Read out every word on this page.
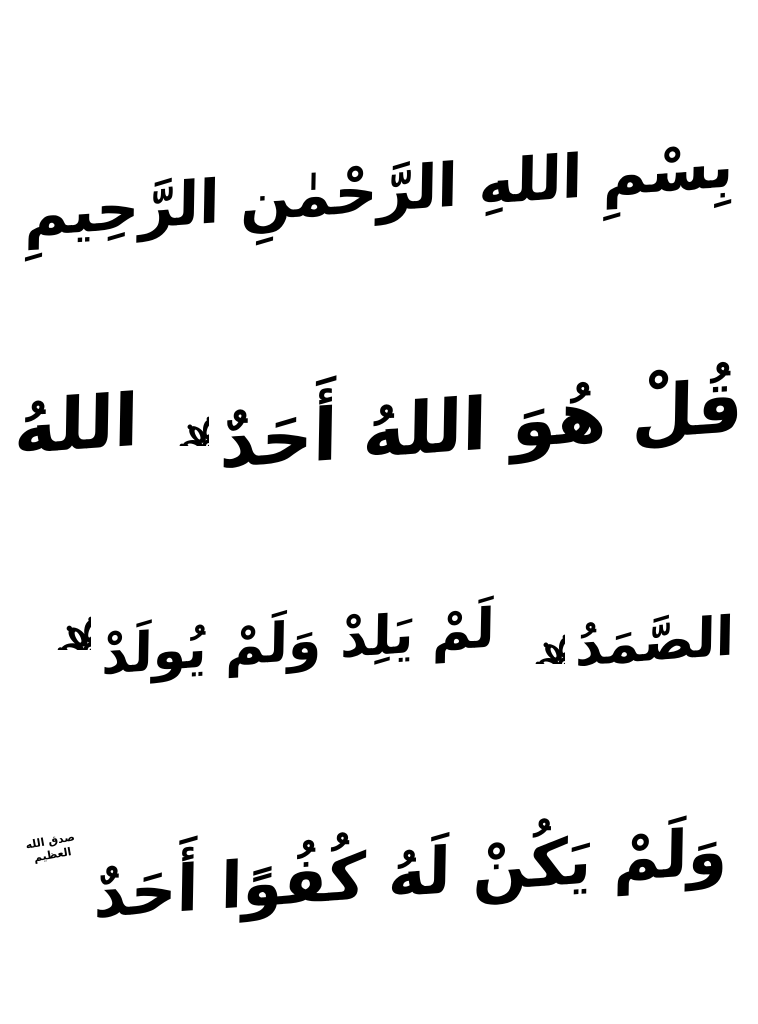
بِسْمِ اللهِ الرَّحْمٰنِ الرَّحِيمِ
قُلْ هُوَ اللهُ أَحَدٌ
اللهُ
الصَّمَدُ
لَمْ يَلِدْ وَلَمْ يُولَدْ
وَلَمْ يَكُنْ لَهُ كُفُوًا أَحَدٌ
صدق الله العظيم
